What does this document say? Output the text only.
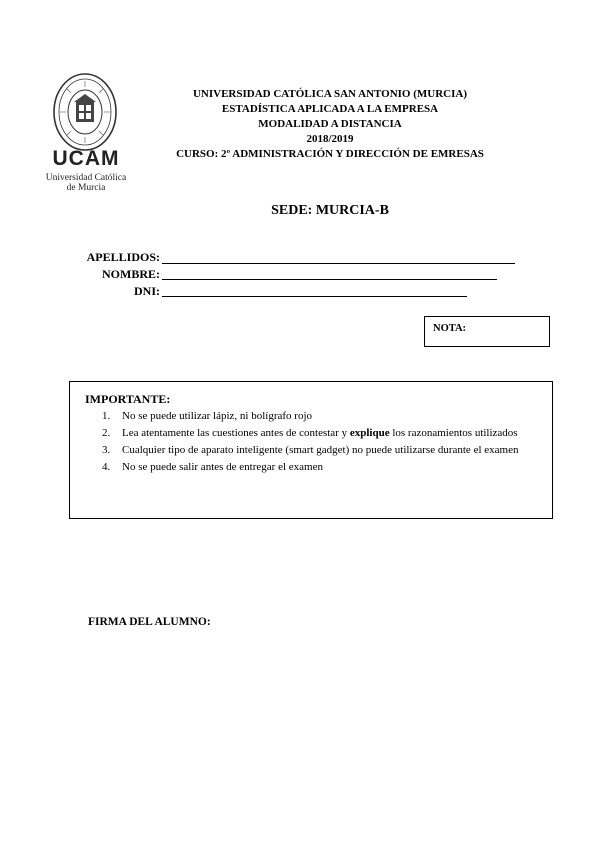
UCAM
Universidad Católica
de Murcia
UNIVERSIDAD CATÓLICA SAN ANTONIO (MURCIA)
ESTADÍSTICA APLICADA A LA EMPRESA
MODALIDAD A DISTANCIA
2018/2019
CURSO: 2º ADMINISTRACIÓN Y DIRECCIÓN DE EMRESAS
SEDE: MURCIA-B
APELLIDOS:
NOMBRE:
DNI:
NOTA:
IMPORTANTE:
1.	No se puede utilizar lápiz, ni bolígrafo rojo
2.	Lea atentamente las cuestiones antes de contestar y explique los razonamientos utilizados
3.	Cualquier tipo de aparato inteligente (smart gadget) no puede utilizarse durante el examen
4.	No se puede salir antes de entregar el examen
FIRMA DEL ALUMNO:
